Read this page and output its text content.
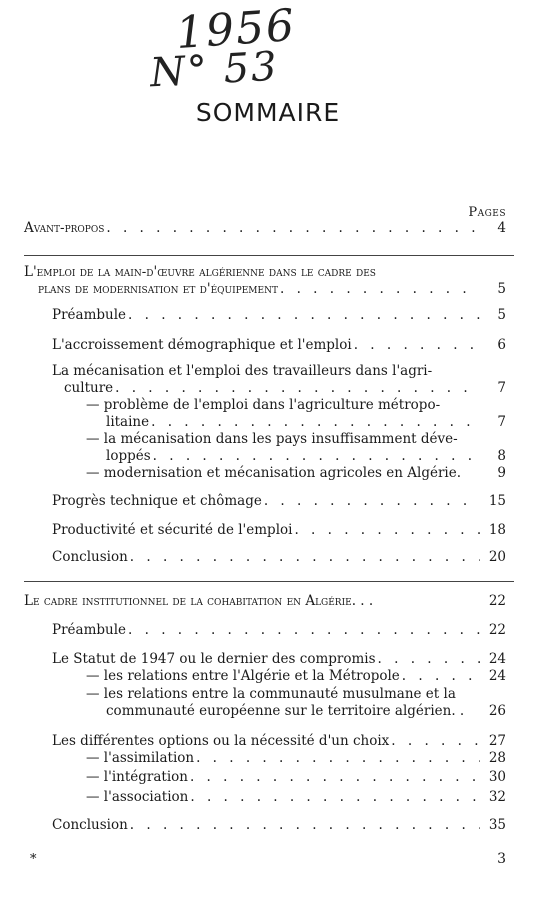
1956
N° 53
SOMMAIRE
Pages
Avant-propos . . .	4
L'emploi de la main-d'œuvre algérienne dans le cadre des
plans de modernisation et d'équipement . . .	5
Préambule . . .	5
L'accroissement démographique et l'emploi . . .	6
La mécanisation et l'emploi des travailleurs dans l'agri-
culture . . .	7
— problème de l'emploi dans l'agriculture métropo-
litaine . . .	7
— la mécanisation dans les pays insuffisamment déve-
loppés . . .	8
— modernisation et mécanisation agricoles en Algérie.	9
Progrès technique et chômage . . .	15
Productivité et sécurité de l'emploi . . .	18
Conclusion . . .	20
Le cadre institutionnel de la cohabitation en Algérie. . .	22
Préambule . . .	22
Le Statut de 1947 ou le dernier des compromis . . .	24
— les relations entre l'Algérie et la Métropole . . .	24
— les relations entre la communauté musulmane et la
communauté européenne sur le territoire algérien. .	26
Les différentes options ou la nécessité d'un choix . . .	27
— l'assimilation . . .	28
— l'intégration . . .	30
— l'association . . .	32
Conclusion . . .	35
*	3
